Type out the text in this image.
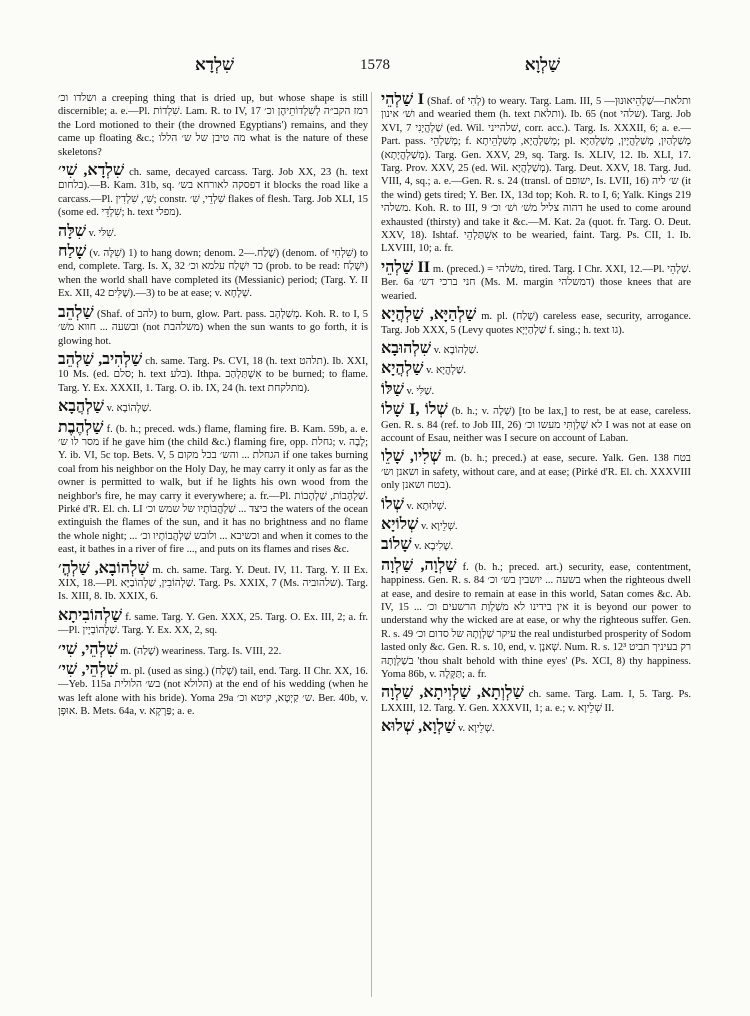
שִׁלְדָא	1578	שַׁלְוָא

ושלדו וכ׳ a creeping thing that is dried up, but whose shape is still discernible; a. e.—Pl. שִׁלְדוֹת. Lam. R. to IV, 17 רמז הקב״ה לְשִׁלְדוֹתֵיהֶן וכ׳ the Lord motioned to their (the drowned Egyptians') remains, and they came up floating &c.; מה טיבן של ש׳ הללו what is the nature of these skeletons?

שִׁלְדָא, שִׁי׳ ch. same, decayed carcass. Targ. Job XX, 23 (h. text בלחום).—B. Kam. 31b, sq. דפסקה לאורחא בש׳ it blocks the road like a carcass.—Pl. שִׁ׳, שִׁלְדִין; constr. שִׁלְדֵי, שִׁ׳ flakes of flesh. Targ. Job XLI, 15 (some ed. שִׁלְדֵּי; h. text מפלי).

שִׁלָּה v. שִׁלּי.

שָׁלַח (v. שִׁלָּה) 1) to hang down; denom. שֶׁלַח.—2) (denom. of שִׁלְחִי) to end, complete. Targ. Is. X, 32 כד יִשְׁלַח עלמא וכ׳ (prob. to be read: יִשְׁלַח) when the world shall have completed its (Messianic) period; (Targ. Y. II Ex. XII, 42 שֶׁלִּים).—3) to be at ease; v. שְׁלָחָא.

שַׁלְהֵב (Shaf. of להב) to burn, glow. Part. pass. מְשַׁלְהָב. Koh. R. to I, 5 ובשעה ... חווא משׁ׳ (not משלהבת) when the sun wants to go forth, it is glowing hot.

שַׁלְהִיב, שַׁלְהֵב ch. same. Targ. Ps. CVI, 18 (h. text תלהט). Ib. XXI, 10 Ms. (ed. סלם; h. text בלע). Ithpa. אִשְׁתַּלְהַב to be burned; to flame. Targ. Y. Ex. XXXII, 1. Targ. O. ib. IX, 24 (h. text מתלקחת).

שַׁלְהֲבָא v. שַׁלְהוֹבָא.

שַׁלְהֶבֶת f. (b. h.; preced. wds.) flame, flaming fire. B. Kam. 59b, a. e. מסר לו ש׳ if he gave him (the child &c.) flaming fire, opp. גחלת; v. לָבָה; Y. ib. VI, 5c top. Bets. V, 5 הגחלת ... והש׳ בכל מקום if one takes burning coal from his neighbor on the Holy Day, he may carry it only as far as the owner is permitted to walk, but if he lights his own wood from the neighbor's fire, he may carry it everywhere; a. fr.—Pl. שַׁלְהָבוֹת, שַׁלְהָבוֹת. Pirké d'R. El. ch. LI כיצד ... שַׁלְהֲבוֹתָיו של שמש וכ׳ the waters of the ocean extinguish the flames of the sun, and it has no brightness and no flame the whole night; ... וכשיבא ... ולובש שַׁלְהֲבוֹתָיו וכ׳ and when it comes to the east, it bathes in a river of fire ..., and puts on its flames and rises &c.

שַׁלְהוֹבָא, שַׁלְהֳ׳ m. ch. same. Targ. Y. Deut. IV, 11. Targ. Y. II Ex. XIX, 18.—Pl. שַׁלְהוֹבִין, שַׁלְהוֹבַיָּא. Targ. Ps. XXIX, 7 (Ms. שלהוביה). Targ. Is. XIII, 8. Ib. XXIX, 6.

שַׁלְהוֹבִיתָא f. same. Targ. Y. Gen. XXX, 25. Targ. O. Ex. III, 2; a. fr.—Pl. שַׁלְהוֹבְיָין. Targ. Y. Ex. XX, 2, sq.

שִׁלְהֵי, שִׁי׳ m. (שָׁלַה) weariness. Targ. Is. VIII, 22.

שִׁלְהֵי, שִׁי׳ m. pl. (used as sing.) (שָׁלַח) tail, end. Targ. II Chr. XX, 16.—Yeb. 115a בש׳ הלולית (not הלולא) at the end of his wedding (when he was left alone with his bride). Yoma 29a ש׳ קַיְטָא, קיטא וכ׳. Ber. 40b, v. אוּפְּן. B. Mets. 64a, v. פַּרְקָא; a. e.

שַׁלְהֵי I (Shaf. of לְהִי) to weary. Targ. Lam. III, 5 ותלאת—שַׁלְהֵיאוּנוּן—ושׁ׳ אינון and wearied them (h. text ותלאת). Ib. 65 (not שלהי). Targ. Job XVI, 7 שַׁלְהֲיָנִי (ed. Wil. שׁלהייני, corr. acc.). Targ. Is. XXXII, 6; a. e.—Part. pass. מְשַׁלְהֵי; f. מְשַׁלְהֲיָא, מְשַׁלְהֵיתָא; pl. מְשַׁלְהַיִן, מְשַׁלְהֲיָין, מְשַׁלְהַיָּא (מְשַׁלְהֲיָתָא). Targ. Gen. XXV, 29, sq. Targ. Is. XLIV, 12. Ib. XLI, 17. Targ. Prov. XXV, 25 (ed. Wil. מְשַׁלְהֲיָא). Targ. Deut. XXV, 18. Targ. Jud. VIII, 4, sq.; a. e.—Gen. R. s. 24 (transl. of ישופם, Is. LVII, 16) ש׳ ליה (it the wind) gets tired; Y. Ber. IX, 13d top; Koh. R. to I, 6; Yalk. Kings 219 משלהי. Koh. R. to III, 9 דהוה צליל משׁ׳ ושׁ׳ וכ׳ he used to come around exhausted (thirsty) and take it &c.—M. Kat. 2a (quot. fr. Targ. O. Deut. XXV, 18). Ishtaf. אִשְׁתַּלְהֵי to be wearied, faint. Targ. Ps. CII, 1. Ib. LXVIII, 10; a. fr.

שַׁלְהֵי II m. (preced.) = משׁלהי, tired. Targ. I Chr. XXI, 12.—Pl. שַׁלְהֵי. Ber. 6a חני ברכי דש׳ (Ms. M. margin דמשלהי) those knees that are wearied.

שַׁלְהַיָּא, שַׁלְהֲיָא m. pl. (שָׁלַח) careless ease, security, arrogance. Targ. Job XXX, 5 (Levy quotes שַׁלְהַיְיָא f. sing.; h. text גו).

שִׁלְהוּבָא v. שַׁלְהוֹבָא.

שַׁלְהֲיָא v. שַׁלְהֲיָא.

שַׁלּוֹ v. שַׁלִּי.

שָׁלוֹ I, שְׁלוֹ (b. h.; v. שְׁלָה) [to be lax,] to rest, be at ease, careless. Gen. R. s. 84 (ref. to Job III, 26) לא שָׁלַוְתִּי מעשו וכ׳ I was not at ease on account of Esau, neither was I secure on account of Laban.

שְׁלִיו, שָׁלֵו m. (b. h.; preced.) at ease, secure. Yalk. Gen. 138 בטח ושאנן וש׳ in safety, without care, and at ease; (Pirké d'R. El. ch. XXXVIII only בטח ושאנן).

שְׁלוֹ v. שְׁלוּתָא.

שְׁלוֹיָא v. שְׁלֵיוָא.

שָׁלוֹב v. שָׁלִיבָא.

שַׁלְוָה, שַׁלְוָה f. (b. h.; preced. art.) security, ease, contentment, happiness. Gen. R. s. 84 בשעה ... יושבין בש׳ וכ׳ when the righteous dwell at ease, and desire to remain at ease in this world, Satan comes &c. Ab. IV, 15 ... אין בידינו לא משַׁלְוַת הרשעים וכ׳ it is beyond our power to understand why the wicked are at ease, or why the righteous suffer. Gen. R. s. 49 עיקר שַׁלְוָתָהּ של סדום וכ׳ the real undisturbed prosperity of Sodom lasted only &c. Gen. R. s. 10, end, v. שְׁאנָן. Num. R. s. 12³ רק בעיניך תביט בשַׁלְוָתָהּ 'thou shalt behold with thine eyes' (Ps. XCI, 8) thy happiness. Yoma 86b, v. תַּקָּלָה; a. fr.

שַׁלְוְתָא, שַׁלְוִיתָא, שַׁלְוָה ch. same. Targ. Lam. I, 5. Targ. Ps. LXXIII, 12. Targ. Y. Gen. XXXVII, 1; a. e.; v. שְׁלֵיוָא II.

שַׁלְוָא, שְׁלוּא v. שְׁלֵיוָא.
